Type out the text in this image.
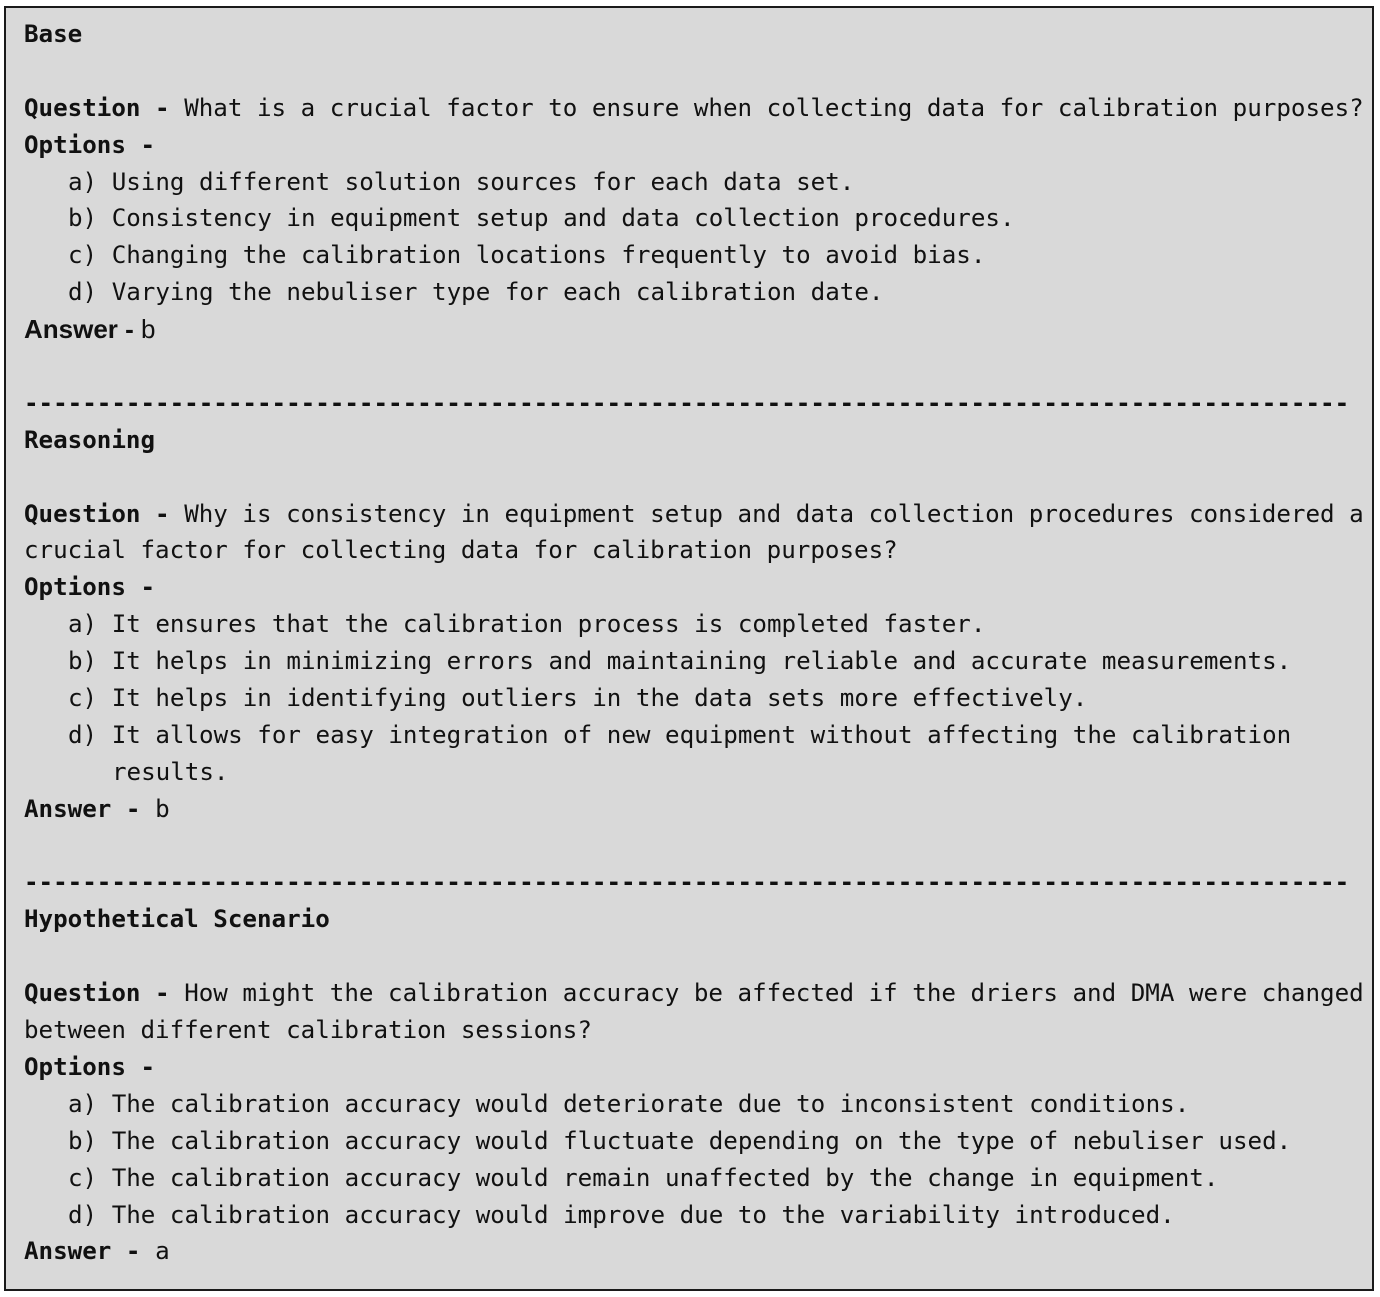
Base
Question - What is a crucial factor to ensure when collecting data for calibration purposes?
Options -
a) Using different solution sources for each data set.
b) Consistency in equipment setup and data collection procedures.
c) Changing the calibration locations frequently to avoid bias.
d) Varying the nebuliser type for each calibration date.
Answer - b
-------------------------------------------------------------------------------------------
Reasoning
Question - Why is consistency in equipment setup and data collection procedures considered a
crucial factor for collecting data for calibration purposes?
Options -
a) It ensures that the calibration process is completed faster.
b) It helps in minimizing errors and maintaining reliable and accurate measurements.
c) It helps in identifying outliers in the data sets more effectively.
d) It allows for easy integration of new equipment without affecting the calibration
results.
Answer - b
-------------------------------------------------------------------------------------------
Hypothetical Scenario
Question - How might the calibration accuracy be affected if the driers and DMA were changed
between different calibration sessions?
Options -
a) The calibration accuracy would deteriorate due to inconsistent conditions.
b) The calibration accuracy would fluctuate depending on the type of nebuliser used.
c) The calibration accuracy would remain unaffected by the change in equipment.
d) The calibration accuracy would improve due to the variability introduced.
Answer - a
